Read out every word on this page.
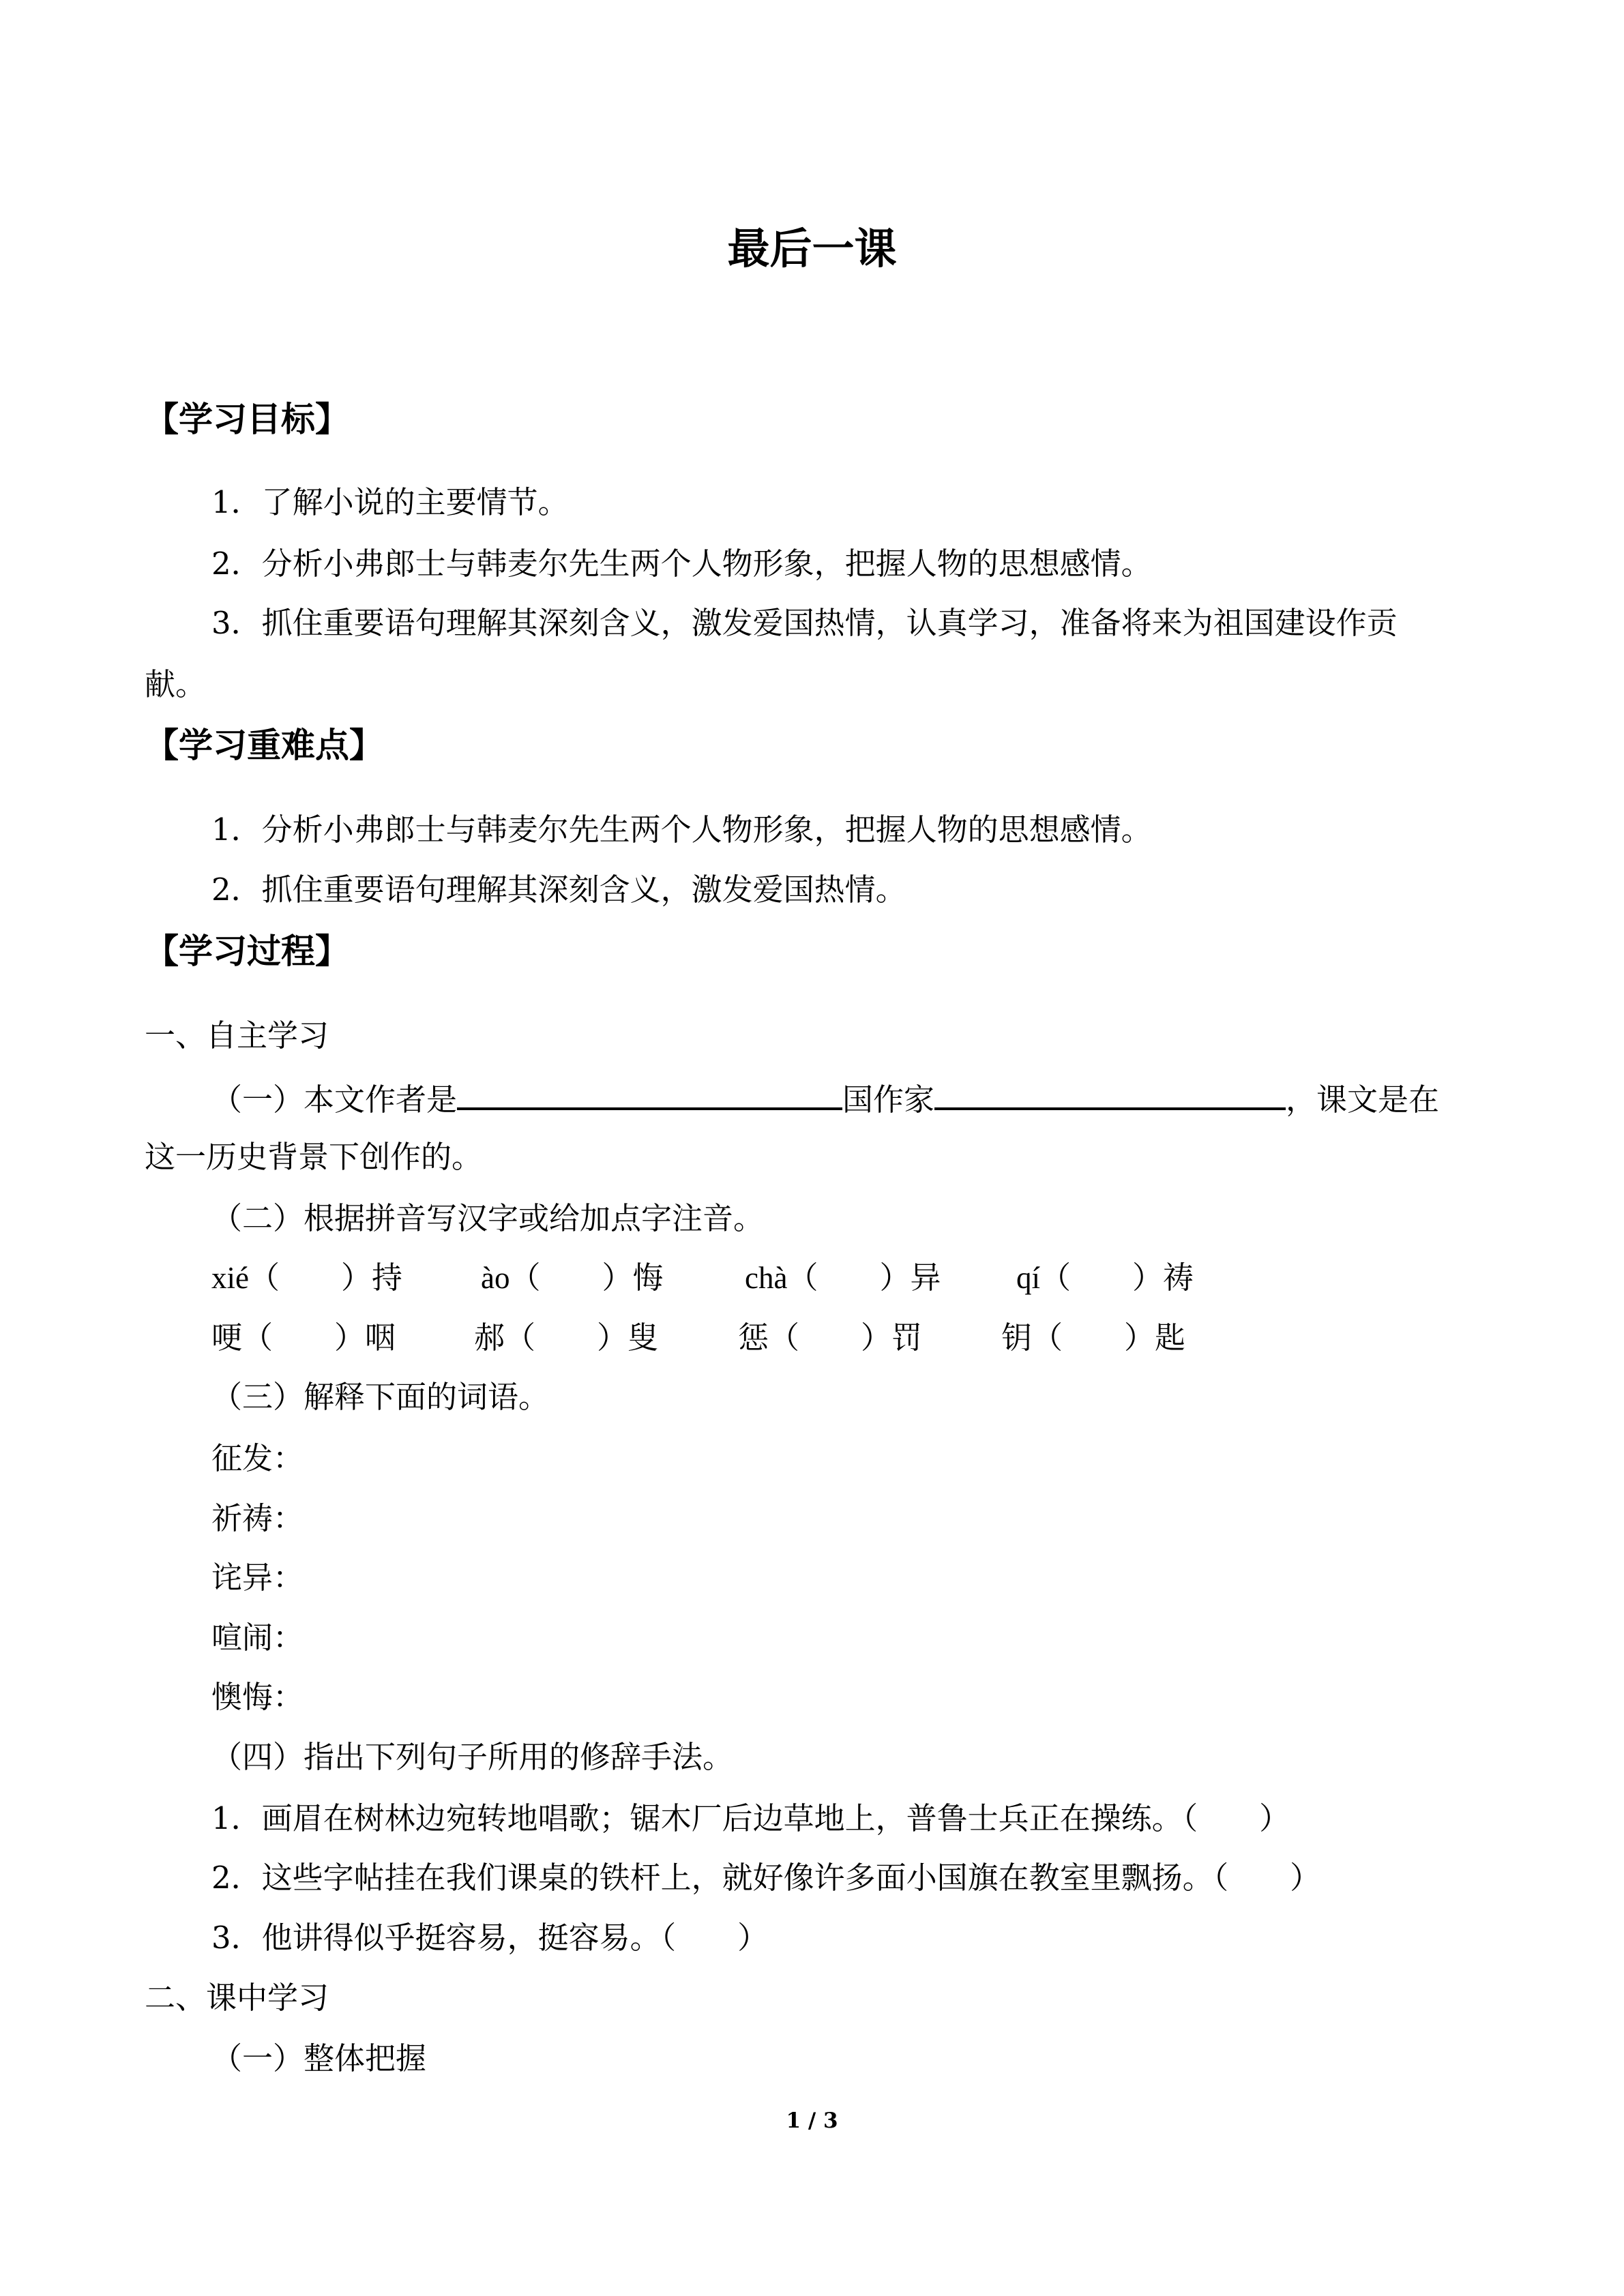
最后一课
【学习目标】
1．了解小说的主要情节。
2．分析小弗郎士与韩麦尔先生两个人物形象，把握人物的思想感情。
3．抓住重要语句理解其深刻含义，激发爱国热情，认真学习，准备将来为祖国建设作贡
献。
【学习重难点】
1．分析小弗郎士与韩麦尔先生两个人物形象，把握人物的思想感情。
2．抓住重要语句理解其深刻含义，激发爱国热情。
【学习过程】
一、自主学习
（一）本文作者是	国作家	，课文是在
这一历史背景下创作的。
（二）根据拼音写汉字或给加点字注音。
xié（ ）持	ào（ ）悔	chà（ ）异 qí（ ）祷
哽（ ）咽	郝（ ）叟	惩（ ）罚	钥（ ）匙
（三）解释下面的词语。
征发：
祈祷：
诧异：
喧闹：
懊悔：
（四）指出下列句子所用的修辞手法。
1．画眉在树林边宛转地唱歌；锯木厂后边草地上，普鲁士兵正在操练。（　　）
2．这些字帖挂在我们课桌的铁杆上，就好像许多面小国旗在教室里飘扬。（　　）
3．他讲得似乎挺容易，挺容易。（　　）
二、课中学习
（一）整体把握
1 / 3
